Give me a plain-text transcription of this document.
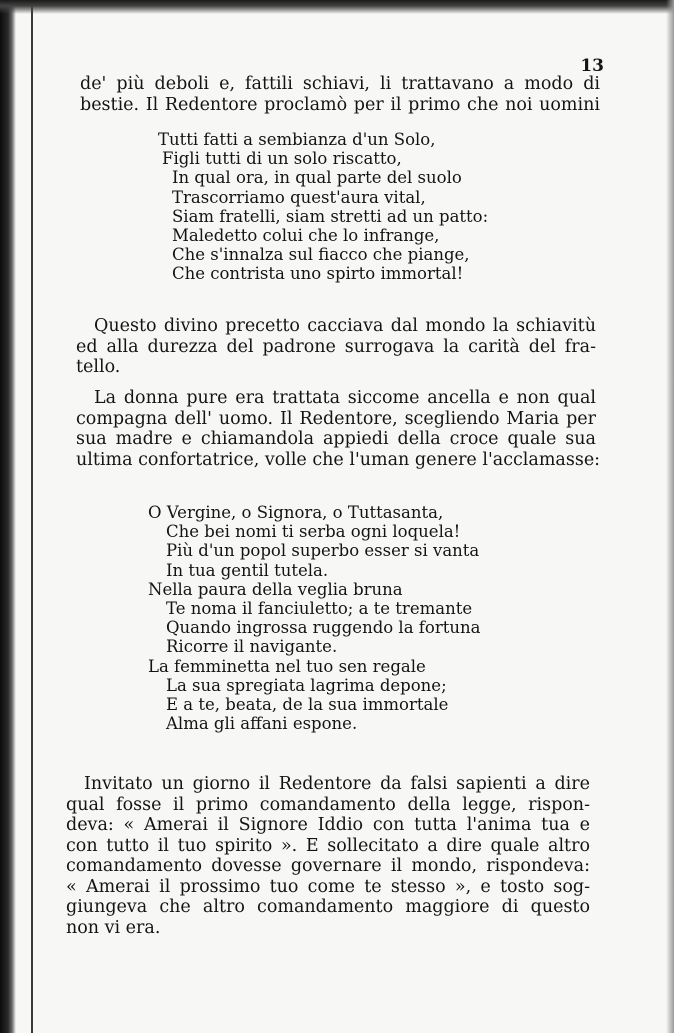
13
de' più deboli e, fattili schiavi, li trattavano a modo di
bestie. Il Redentore proclamò per il primo che noi uomini
Tutti fatti a sembianza d'un Solo,
Figli tutti di un solo riscatto,
In qual ora, in qual parte del suolo
Trascorriamo quest'aura vital,
Siam fratelli, siam stretti ad un patto:
Maledetto colui che lo infrange,
Che s'innalza sul fiacco che piange,
Che contrista uno spirto immortal!
Questo divino precetto cacciava dal mondo la schiavitù
ed alla durezza del padrone surrogava la carità del fra-
tello.
La donna pure era trattata siccome ancella e non qual
compagna dell' uomo. Il Redentore, scegliendo Maria per
sua madre e chiamandola appiedi della croce quale sua
ultima confortatrice, volle che l'uman genere l'acclamasse:
O Vergine, o Signora, o Tuttasanta,
Che bei nomi ti serba ogni loquela!
Più d'un popol superbo esser si vanta
In tua gentil tutela.
Nella paura della veglia bruna
Te noma il fanciuletto; a te tremante
Quando ingrossa ruggendo la fortuna
Ricorre il navigante.
La femminetta nel tuo sen regale
La sua spregiata lagrima depone;
E a te, beata, de la sua immortale
Alma gli affani espone.
Invitato un giorno il Redentore da falsi sapienti a dire
qual fosse il primo comandamento della legge, rispon-
deva: « Amerai il Signore Iddio con tutta l'anima tua e
con tutto il tuo spirito ». E sollecitato a dire quale altro
comandamento dovesse governare il mondo, rispondeva:
« Amerai il prossimo tuo come te stesso », e tosto sog-
giungeva che altro comandamento maggiore di questo
non vi era.
